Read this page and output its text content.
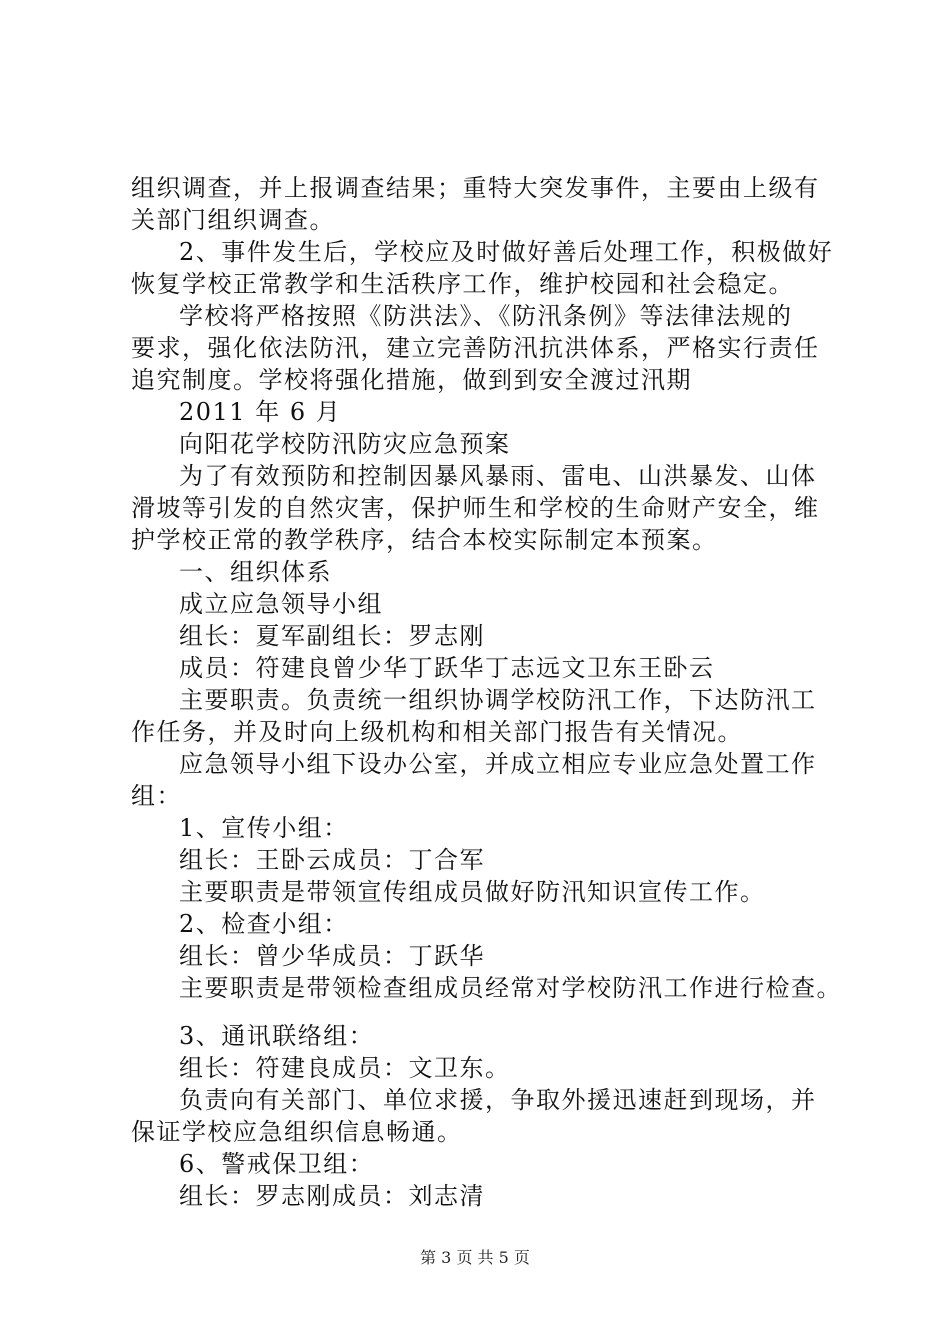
组织调查，并上报调查结果；重特大突发事件，主要由上级有
关部门组织调查。
2、事件发生后，学校应及时做好善后处理工作，积极做好
恢复学校正常教学和生活秩序工作，维护校园和社会稳定。
学校将严格按照《防洪法》、《防汛条例》等法律法规的
要求，强化依法防汛，建立完善防汛抗洪体系，严格实行责任
追究制度。学校将强化措施，做到到安全渡过汛期
2011 年 6 月
向阳花学校防汛防灾应急预案
为了有效预防和控制因暴风暴雨、雷电、山洪暴发、山体
滑坡等引发的自然灾害，保护师生和学校的生命财产安全，维
护学校正常的教学秩序，结合本校实际制定本预案。
一、组织体系
成立应急领导小组
组长：夏军副组长：罗志刚
成员：符建良曾少华丁跃华丁志远文卫东王卧云
主要职责。负责统一组织协调学校防汛工作，下达防汛工
作任务，并及时向上级机构和相关部门报告有关情况。
应急领导小组下设办公室，并成立相应专业应急处置工作
组：
1、宣传小组：
组长：王卧云成员：丁合军
主要职责是带领宣传组成员做好防汛知识宣传工作。
2、检查小组：
组长：曾少华成员：丁跃华
主要职责是带领检查组成员经常对学校防汛工作进行检查。
3、通讯联络组：
组长：符建良成员：文卫东。
负责向有关部门、单位求援，争取外援迅速赶到现场，并
保证学校应急组织信息畅通。
6、警戒保卫组：
组长：罗志刚成员：刘志清
第 3 页 共 5 页
